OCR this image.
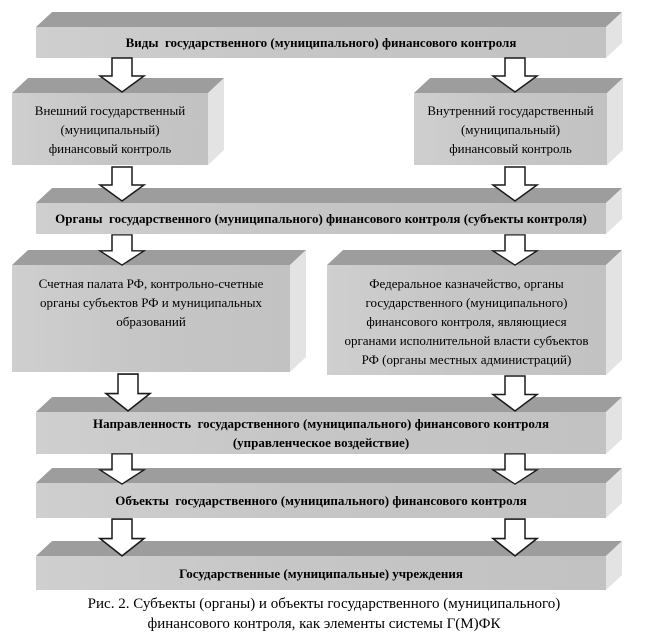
Виды  государственного (муниципального) финансового контроля
Внешний государственный
(муниципальный)
финансовый контроль
Внутренний государственный
(муниципальный)
финансовый контроль
Органы  государственного (муниципального) финансового контроля (субъекты контроля)
Счетная палата РФ, контрольно-счетные
органы субъектов РФ и муниципальных
образований
Федеральное казначейство, органы
государственного (муниципального)
финансового контроля, являющиеся
органами исполнительной власти субъектов
РФ (органы местных администраций)
Направленность  государственного (муниципального) финансового контроля
(управленческое воздействие)
Объекты  государственного (муниципального) финансового контроля
Государственные (муниципальные) учреждения
Рис. 2. Субъекты (органы) и объекты государственного (муниципального)
финансового контроля, как элементы системы Г(М)ФК
